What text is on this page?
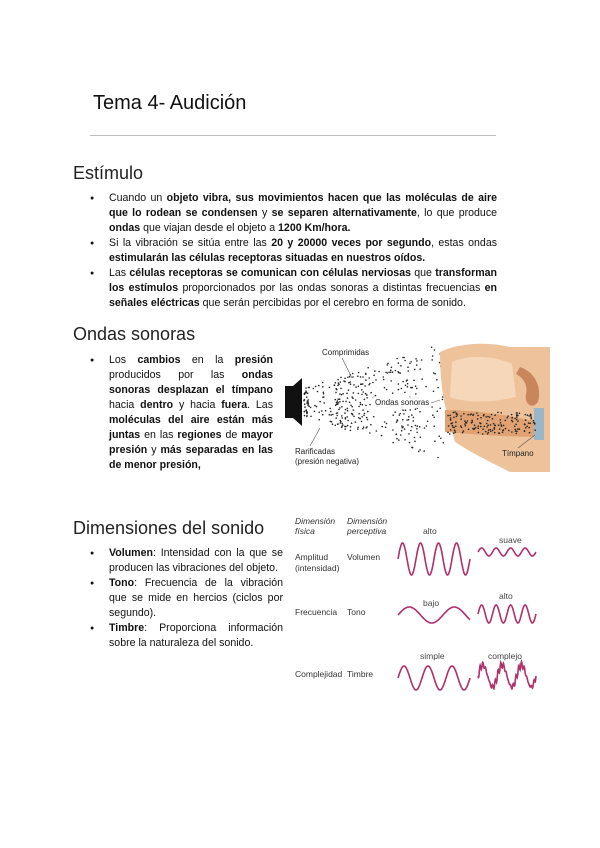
Tema 4- Audición
Estímulo
● Cuando un objeto vibra, sus movimientos hacen que las moléculas de aire que lo rodean se condensen y se separen alternativamente, lo que produce ondas que viajan desde el objeto a 1200 Km/hora.
● Si la vibración se sitúa entre las 20 y 20000 veces por segundo, estas ondas estimularán las células receptoras situadas en nuestros oídos.
● Las células receptoras se comunican con células nerviosas que transforman los estímulos proporcionados por las ondas sonoras a distintas frecuencias en señales eléctricas que serán percibidas por el cerebro en forma de sonido.
Ondas sonoras
● Los cambios en la presión producidos por las ondas sonoras desplazan el tímpano hacia dentro y hacia fuera. Las moléculas del aire están más juntas en las regiones de mayor presión y más separadas en las de menor presión,
Comprimidas
Ondas sonoras
Rarificadas
(presión negativa)
Tímpano
Dimensiones del sonido
● Volumen: Intensidad con la que se producen las vibraciones del objeto.
● Tono: Frecuencia de la vibración que se mide en hercios (ciclos por segundo).
● Timbre: Proporciona información sobre la naturaleza del sonido.
Dimensión
física
Dimensión
perceptiva
Amplitud
(intensidad)
Volumen
Frecuencia Tono
Complejidad Timbre
alto
suave
bajo
alto
simple	complejo
